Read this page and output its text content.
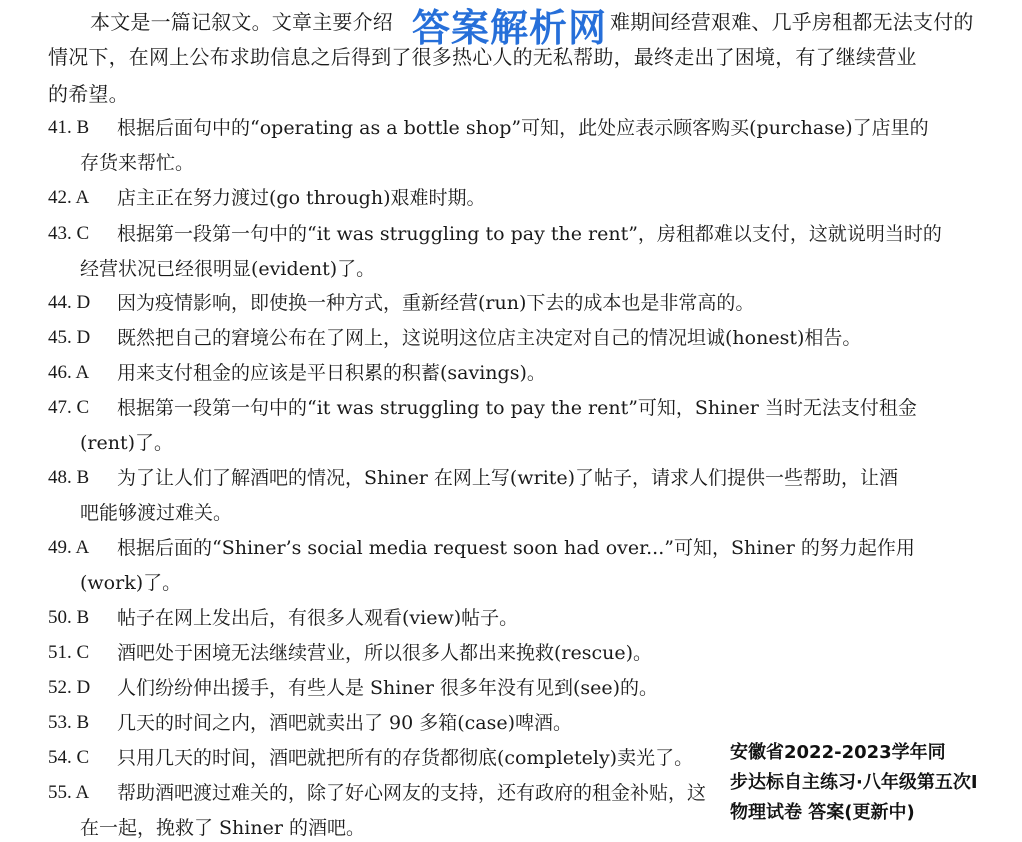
本文是一篇记叙文。文章主要介绍	难期间经营艰难、几乎房租都无法支付的
情况下，在网上公布求助信息之后得到了很多热心人的无私帮助，最终走出了困境，有了继续营业
的希望。
答案解析网
41. B	根据后面句中的“operating as a bottle shop”可知，此处应表示顾客购买(purchase)了店里的
存货来帮忙。
42. A	店主正在努力渡过(go through)艰难时期。
43. C	根据第一段第一句中的“it was struggling to pay the rent”，房租都难以支付，这就说明当时的
经营状况已经很明显(evident)了。
44. D	因为疫情影响，即使换一种方式，重新经营(run)下去的成本也是非常高的。
45. D	既然把自己的窘境公布在了网上，这说明这位店主决定对自己的情况坦诚(honest)相告。
46. A	用来支付租金的应该是平日积累的积蓄(savings)。
47. C	根据第一段第一句中的“it was struggling to pay the rent”可知，Shiner 当时无法支付租金
(rent)了。
48. B	为了让人们了解酒吧的情况，Shiner 在网上写(write)了帖子，请求人们提供一些帮助，让酒
吧能够渡过难关。
49. A	根据后面的“Shiner’s social media request soon had over...”可知，Shiner 的努力起作用
(work)了。
50. B	帖子在网上发出后，有很多人观看(view)帖子。
51. C	酒吧处于困境无法继续营业，所以很多人都出来挽救(rescue)。
52. D	人们纷纷伸出援手，有些人是 Shiner 很多年没有见到(see)的。
53. B	几天的时间之内，酒吧就卖出了 90 多箱(case)啤酒。
54. C	只用几天的时间，酒吧就把所有的存货都彻底(completely)卖光了。
55. A	帮助酒吧渡过难关的，除了好心网友的支持，还有政府的租金补贴，这
在一起，挽救了 Shiner 的酒吧。
安徽省2022-2023学年同
步达标自主练习·八年级第五次I
物理试卷 答案(更新中)
